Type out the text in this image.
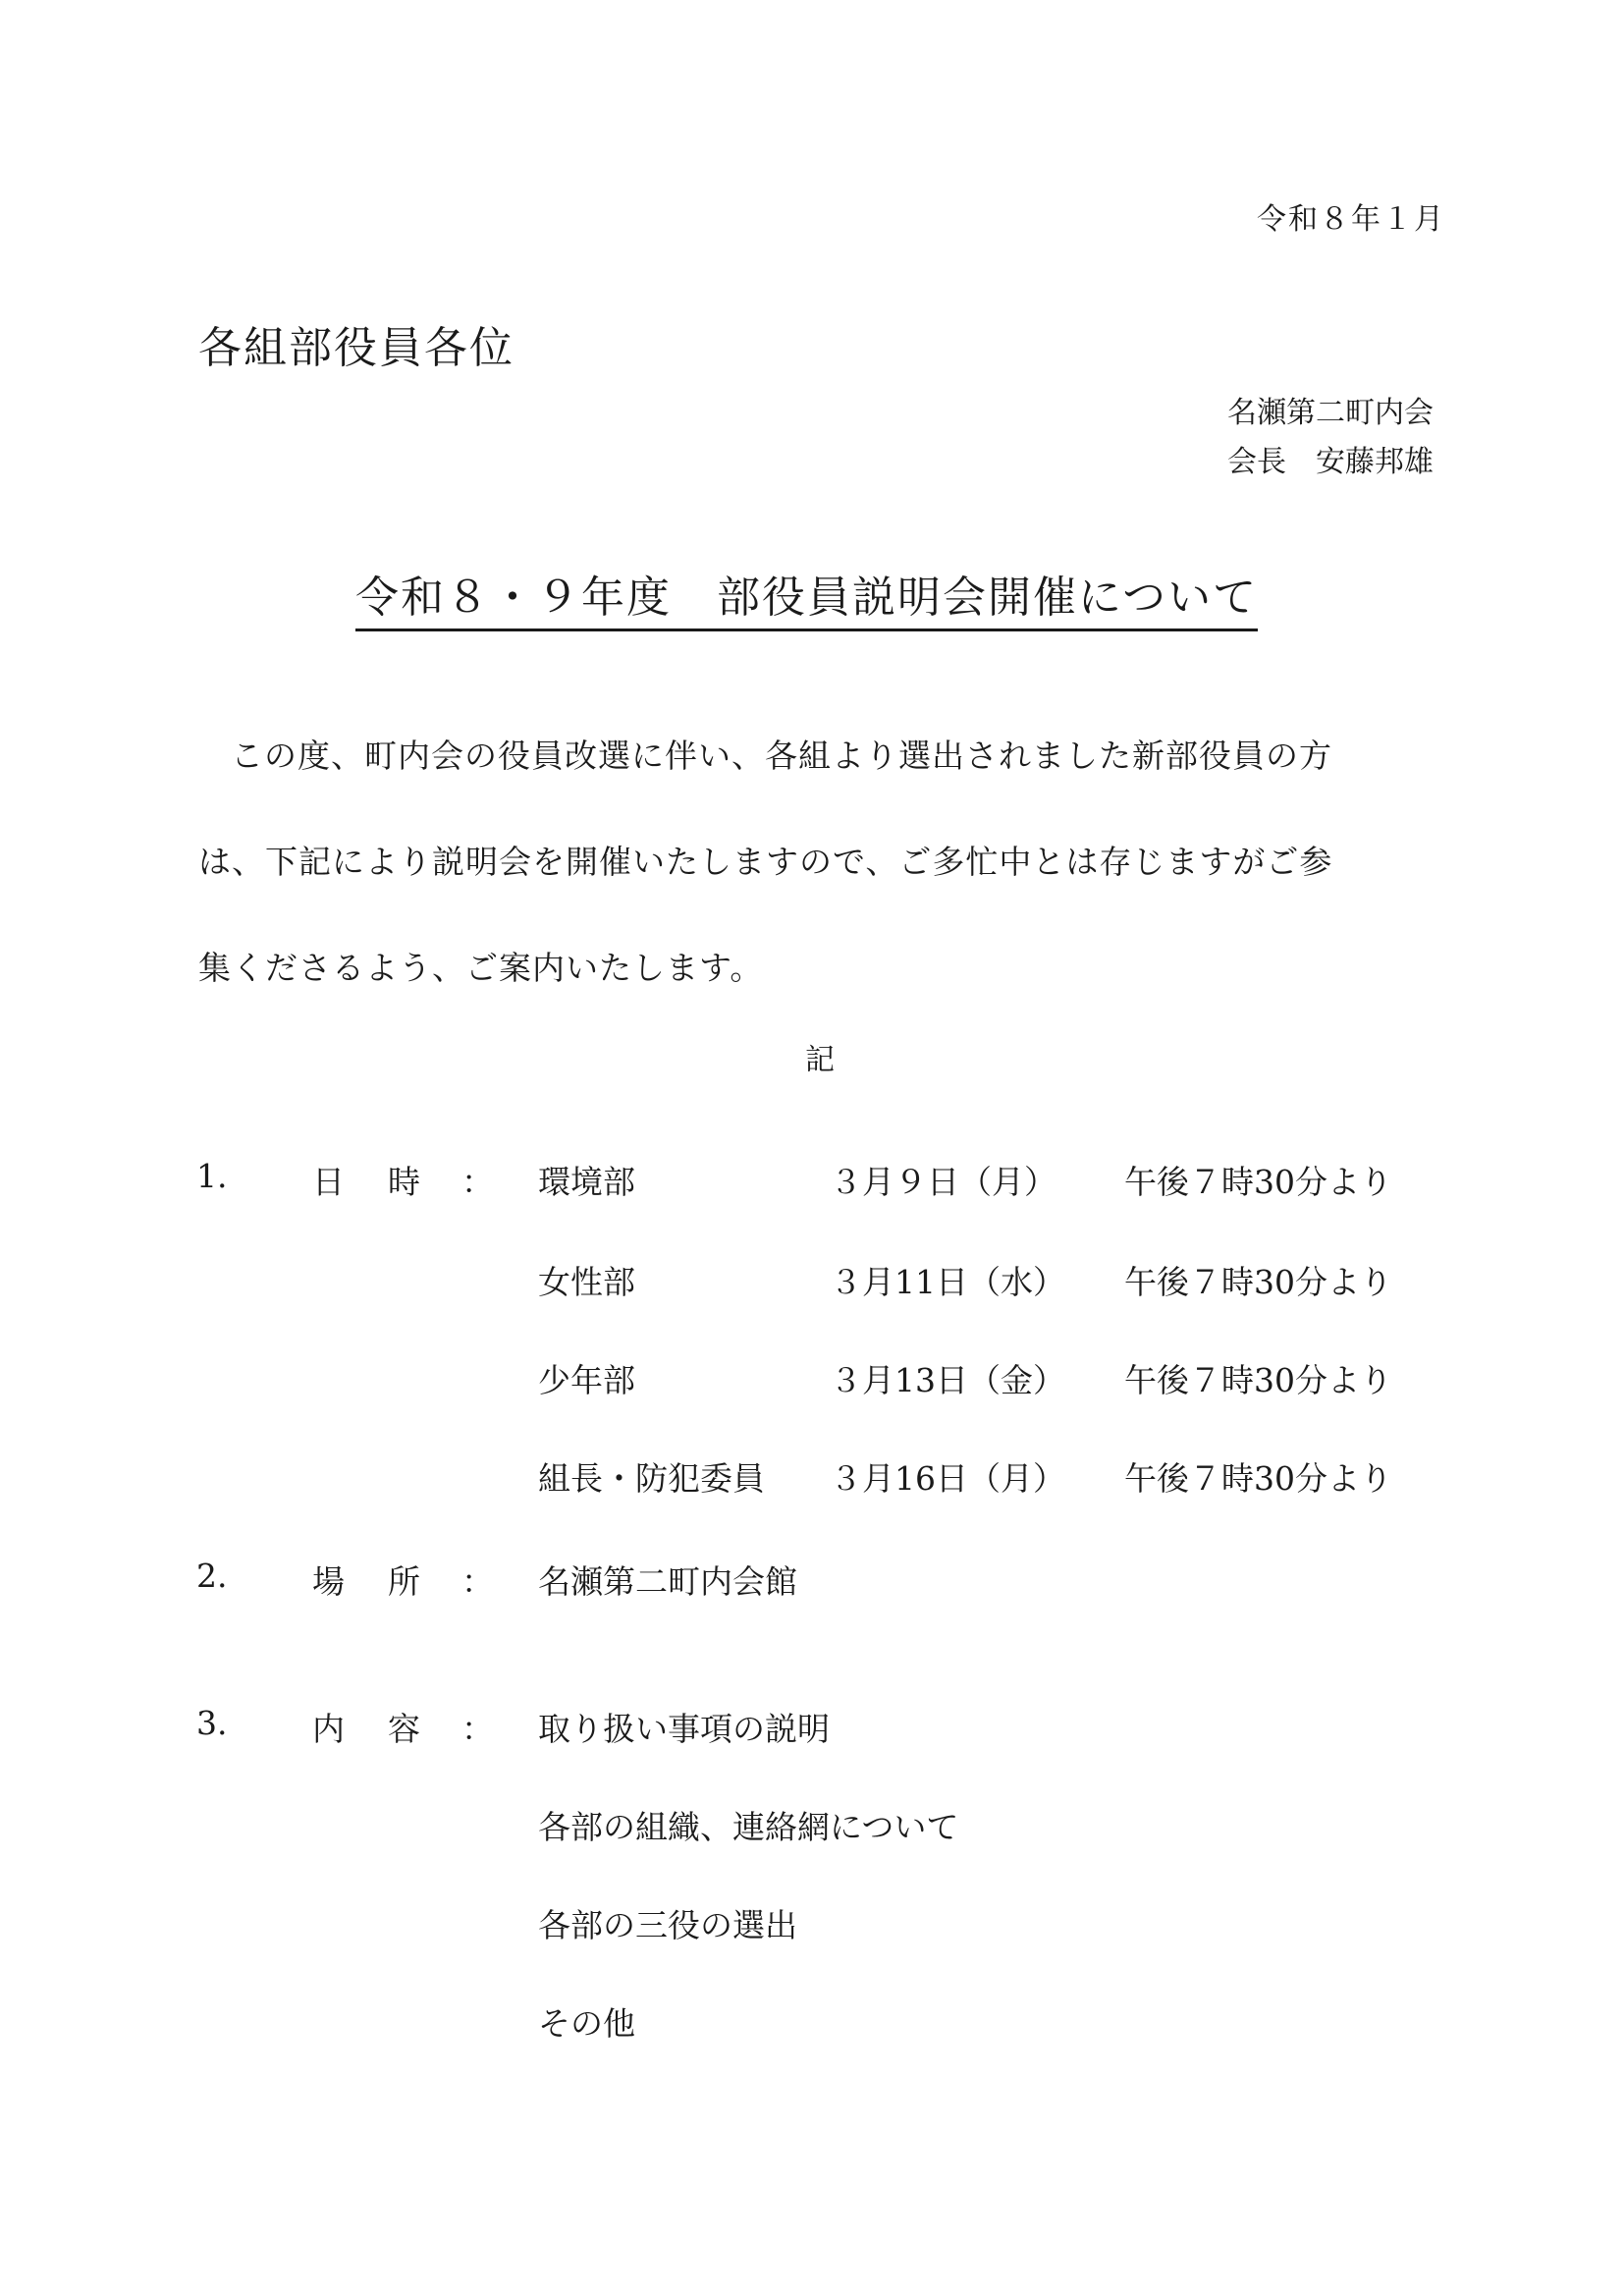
令和８年１月
各組部役員各位
名瀬第二町内会
会長　安藤邦雄
令和８・９年度　部役員説明会開催について

この度、町内会の役員改選に伴い、各組より選出されました新部役員の方

は、下記により説明会を開催いたしますので、ご多忙中とは存じますがご参

集くださるよう、ご案内いたします。

記
1.	日 時 ： 環境部	３月９日（月） 午後７時30分より
女性部	３月11日（水） 午後７時30分より
少年部	３月13日（金） 午後７時30分より
組長・防犯委員 ３月16日（月） 午後７時30分より
2.	場 所 ： 名瀬第二町内会館
3.	内 容 ： 取り扱い事項の説明
各部の組織、連絡網について
各部の三役の選出
その他
